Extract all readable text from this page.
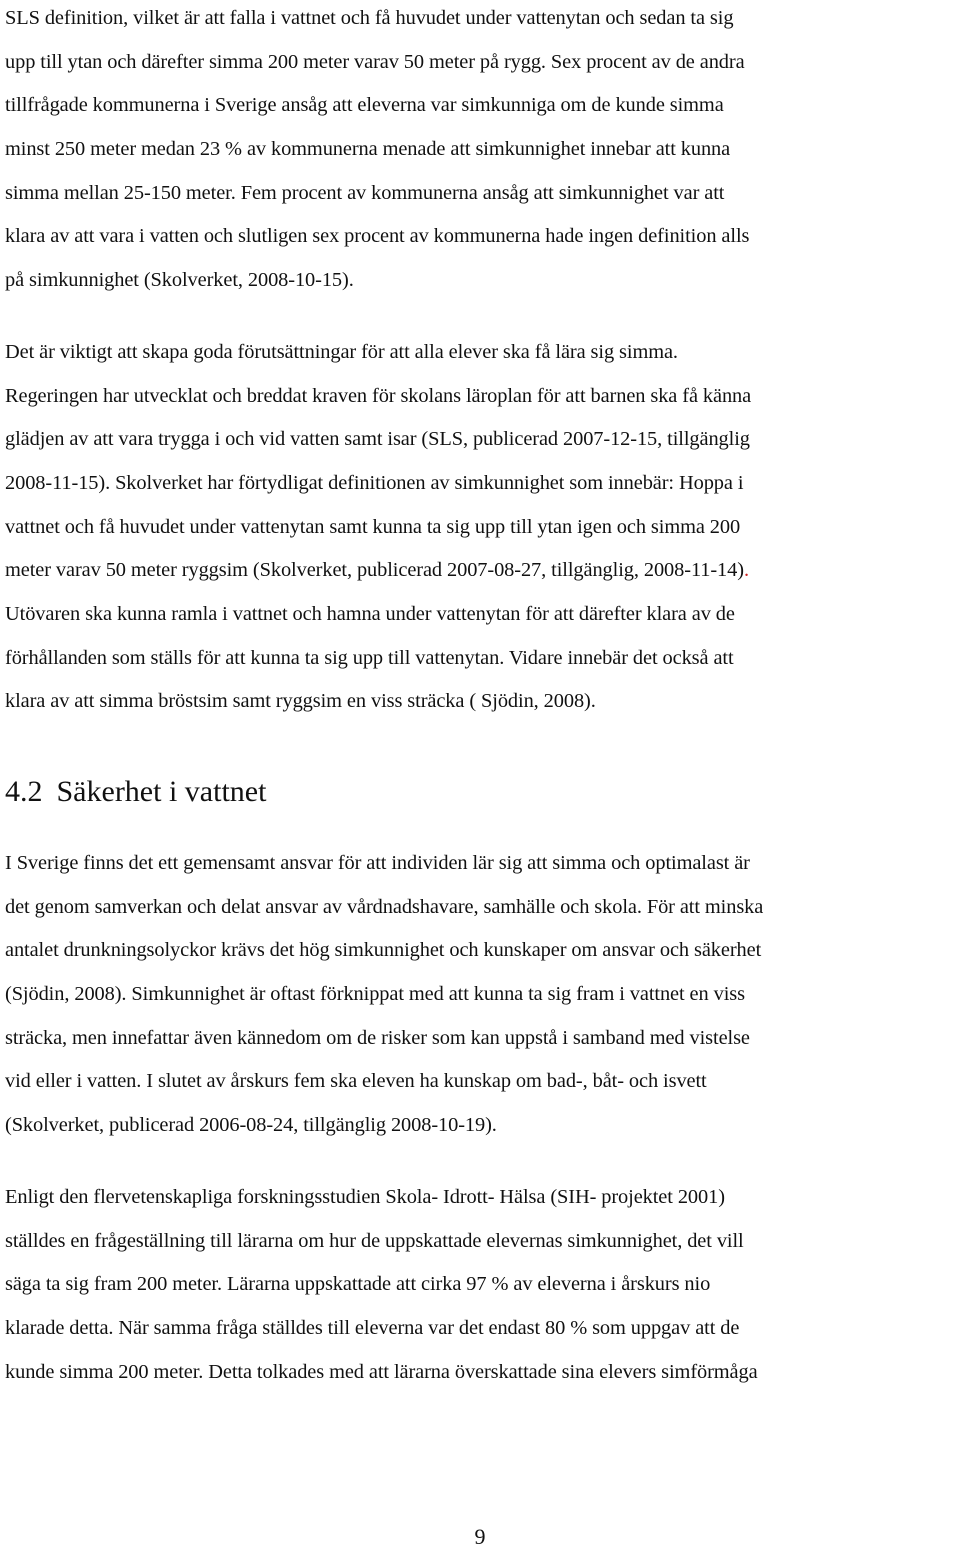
SLS definition, vilket är att falla i vattnet och få huvudet under vattenytan och sedan ta sig
upp till ytan och därefter simma 200 meter varav 50 meter på rygg. Sex procent av de andra
tillfrågade kommunerna i Sverige ansåg att eleverna var simkunniga om de kunde simma
minst 250 meter medan 23 % av kommunerna menade att simkunnighet innebar att kunna
simma mellan 25-150 meter. Fem procent av kommunerna ansåg att simkunnighet var att
klara av att vara i vatten och slutligen sex procent av kommunerna hade ingen definition alls
på simkunnighet (Skolverket, 2008-10-15).
Det är viktigt att skapa goda förutsättningar för att alla elever ska få lära sig simma.
Regeringen har utvecklat och breddat kraven för skolans läroplan för att barnen ska få känna
glädjen av att vara trygga i och vid vatten samt isar (SLS, publicerad 2007-12-15, tillgänglig
2008-11-15). Skolverket har förtydligat definitionen av simkunnighet som innebär: Hoppa i
vattnet och få huvudet under vattenytan samt kunna ta sig upp till ytan igen och simma 200
meter varav 50 meter ryggsim (Skolverket, publicerad 2007-08-27, tillgänglig, 2008-11-14).
Utövaren ska kunna ramla i vattnet och hamna under vattenytan för att därefter klara av de
förhållanden som ställs för att kunna ta sig upp till vattenytan. Vidare innebär det också att
klara av att simma bröstsim samt ryggsim en viss sträcka ( Sjödin, 2008).
4.2 Säkerhet i vattnet
I Sverige finns det ett gemensamt ansvar för att individen lär sig att simma och optimalast är
det genom samverkan och delat ansvar av vårdnadshavare, samhälle och skola. För att minska
antalet drunkningsolyckor krävs det hög simkunnighet och kunskaper om ansvar och säkerhet
(Sjödin, 2008). Simkunnighet är oftast förknippat med att kunna ta sig fram i vattnet en viss
sträcka, men innefattar även kännedom om de risker som kan uppstå i samband med vistelse
vid eller i vatten. I slutet av årskurs fem ska eleven ha kunskap om bad-, båt- och isvett
(Skolverket, publicerad 2006-08-24, tillgänglig 2008-10-19).
Enligt den flervetenskapliga forskningsstudien Skola- Idrott- Hälsa (SIH- projektet 2001)
ställdes en frågeställning till lärarna om hur de uppskattade elevernas simkunnighet, det vill
säga ta sig fram 200 meter. Lärarna uppskattade att cirka 97 % av eleverna i årskurs nio
klarade detta. När samma fråga ställdes till eleverna var det endast 80 % som uppgav att de
kunde simma 200 meter. Detta tolkades med att lärarna överskattade sina elevers simförmåga
9
